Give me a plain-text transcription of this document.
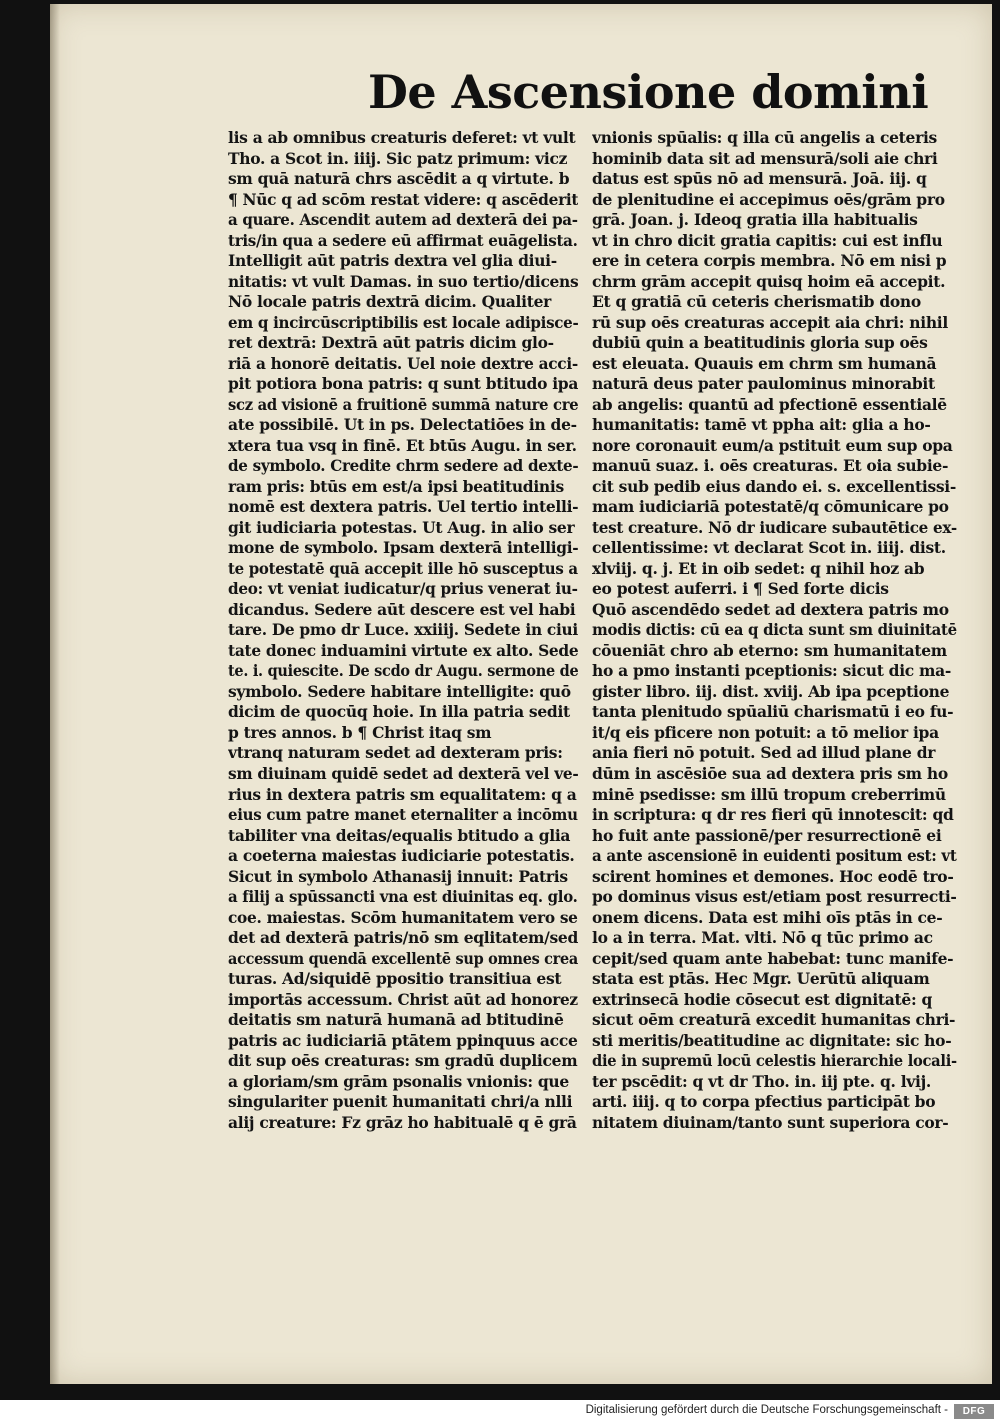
De Ascensione domini
lis a ab omnibus creaturis deferet: vt vult
Tho. a Scot in. iiij. Sic patz primum: vicz
sm quā naturā chrs ascēdit a q virtute. b
¶ Nūc q ad scōm restat videre: q ascēderit
a quare. Ascendit autem ad dexterā dei pa-
tris/in qua a sedere eū affirmat euāgelista.
Intelligit aūt patris dextra vel glia diui-
nitatis: vt vult Damas. in suo tertio/dicens
Nō locale patris dextrā dicim. Qualiter
em q incircūscriptibilis est locale adipisce-
ret dextrā: Dextrā aūt patris dicim glo-
riā a honorē deitatis. Uel noie dextre acci-
pit potiora bona patris: q sunt btitudo ipa
scz ad visionē a fruitionē summā nature cre
ate possibilē. Ut in ps. Delectatiōes in de-
xtera tua vsq in finē. Et btūs Augu. in ser.
de symbolo. Credite chrm sedere ad dexte-
ram pris: btūs em est/a ipsi beatitudinis
nomē est dextera patris. Uel tertio intelli-
git iudiciaria potestas. Ut Aug. in alio ser
mone de symbolo. Ipsam dexterā intelligi-
te potestatē quā accepit ille hō susceptus a
deo: vt veniat iudicatur/q prius venerat iu-
dicandus. Sedere aūt descere est vel habi
tare. De pmo dr Luce. xxiiij. Sedete in ciui
tate donec induamini virtute ex alto. Sede
te. i. quiescite. De scdo dr Augu. sermone de
symbolo. Sedere habitare intelligite: quō
dicim de quocūq hoie. In illa patria sedit
p tres annos. b ¶ Christ itaq sm
vtranq naturam sedet ad dexteram pris:
sm diuinam quidē sedet ad dexterā vel ve-
rius in dextera patris sm equalitatem: q a
eius cum patre manet eternaliter a incōmu
tabiliter vna deitas/equalis btitudo a glia
a coeterna maiestas iudiciarie potestatis.
Sicut in symbolo Athanasij innuit: Patris
a filij a spūssancti vna est diuinitas eq. glo.
coe. maiestas. Scōm humanitatem vero se
det ad dexterā patris/nō sm eqlitatem/sed
accessum quendā excellentē sup omnes crea
turas. Ad/siquidē ppositio transitiua est
importās accessum. Christ aūt ad honorez
deitatis sm naturā humanā ad btitudinē
patris ac iudiciariā ptātem ppinquus acce
dit sup oēs creaturas: sm gradū duplicem
a gloriam/sm grām psonalis vnionis: que
singulariter puenit humanitati chri/a nlli
alij creature: Fz grāz ho habitualē q ē grā
vnionis spūalis: q illa cū angelis a ceteris
hominib data sit ad mensurā/soli aie chri
datus est spūs nō ad mensurā. Joā. iij. q
de plenitudine ei accepimus oēs/grām pro
grā. Joan. j. Ideoq gratia illa habitualis
vt in chro dicit gratia capitis: cui est influ
ere in cetera corpis membra. Nō em nisi p
chrm grām accepit quisq hoim eā accepit.
Et q gratiā cū ceteris cherismatib dono
rū sup oēs creaturas accepit aia chri: nihil
dubiū quin a beatitudinis gloria sup oēs
est eleuata. Quauis em chrm sm humanā
naturā deus pater paulominus minorabit
ab angelis: quantū ad pfectionē essentialē
humanitatis: tamē vt ppha ait: glia a ho-
nore coronauit eum/a pstituit eum sup opa
manuū suaz. i. oēs creaturas. Et oia subie-
cit sub pedib eius dando ei. s. excellentissi-
mam iudiciariā potestatē/q cōmunicare po
test creature. Nō dr iudicare subautētice ex-
cellentissime: vt declarat Scot in. iiij. dist.
xlviij. q. j. Et in oib sedet: q nihil hoz ab
eo potest auferri. i ¶ Sed forte dicis
Quō ascendēdo sedet ad dextera patris mo
modis dictis: cū ea q dicta sunt sm diuinitatē
cōueniāt chro ab eterno: sm humanitatem
ho a pmo instanti pceptionis: sicut dic ma-
gister libro. iij. dist. xviij. Ab ipa pceptione
tanta plenitudo spūaliū charismatū i eo fu-
it/q eis pficere non potuit: a tō melior ipa
ania fieri nō potuit. Sed ad illud plane dr
dūm in ascēsiōe sua ad dextera pris sm ho
minē psedisse: sm illū tropum creberrimū
in scriptura: q dr res fieri qū innotescit: qd
ho fuit ante passionē/per resurrectionē ei
a ante ascensionē in euidenti positum est: vt
scirent homines et demones. Hoc eodē tro-
po dominus visus est/etiam post resurrecti-
onem dicens. Data est mihi oīs ptās in ce-
lo a in terra. Mat. vlti. Nō q tūc primo ac
cepit/sed quam ante habebat: tunc manife-
stata est ptās. Hec Mgr. Uerūtū aliquam
extrinsecā hodie cōsecut est dignitatē: q
sicut oēm creaturā excedit humanitas chri-
sti meritis/beatitudine ac dignitate: sic ho-
die in supremū locū celestis hierarchie locali-
ter pscēdit: q vt dr Tho. in. iij pte. q. lvij.
arti. iiij. q to corpa pfectius participāt bo
nitatem diuinam/tanto sunt superiora cor-
Digitalisierung gefördert durch die Deutsche Forschungsgemeinschaft -	DFG
